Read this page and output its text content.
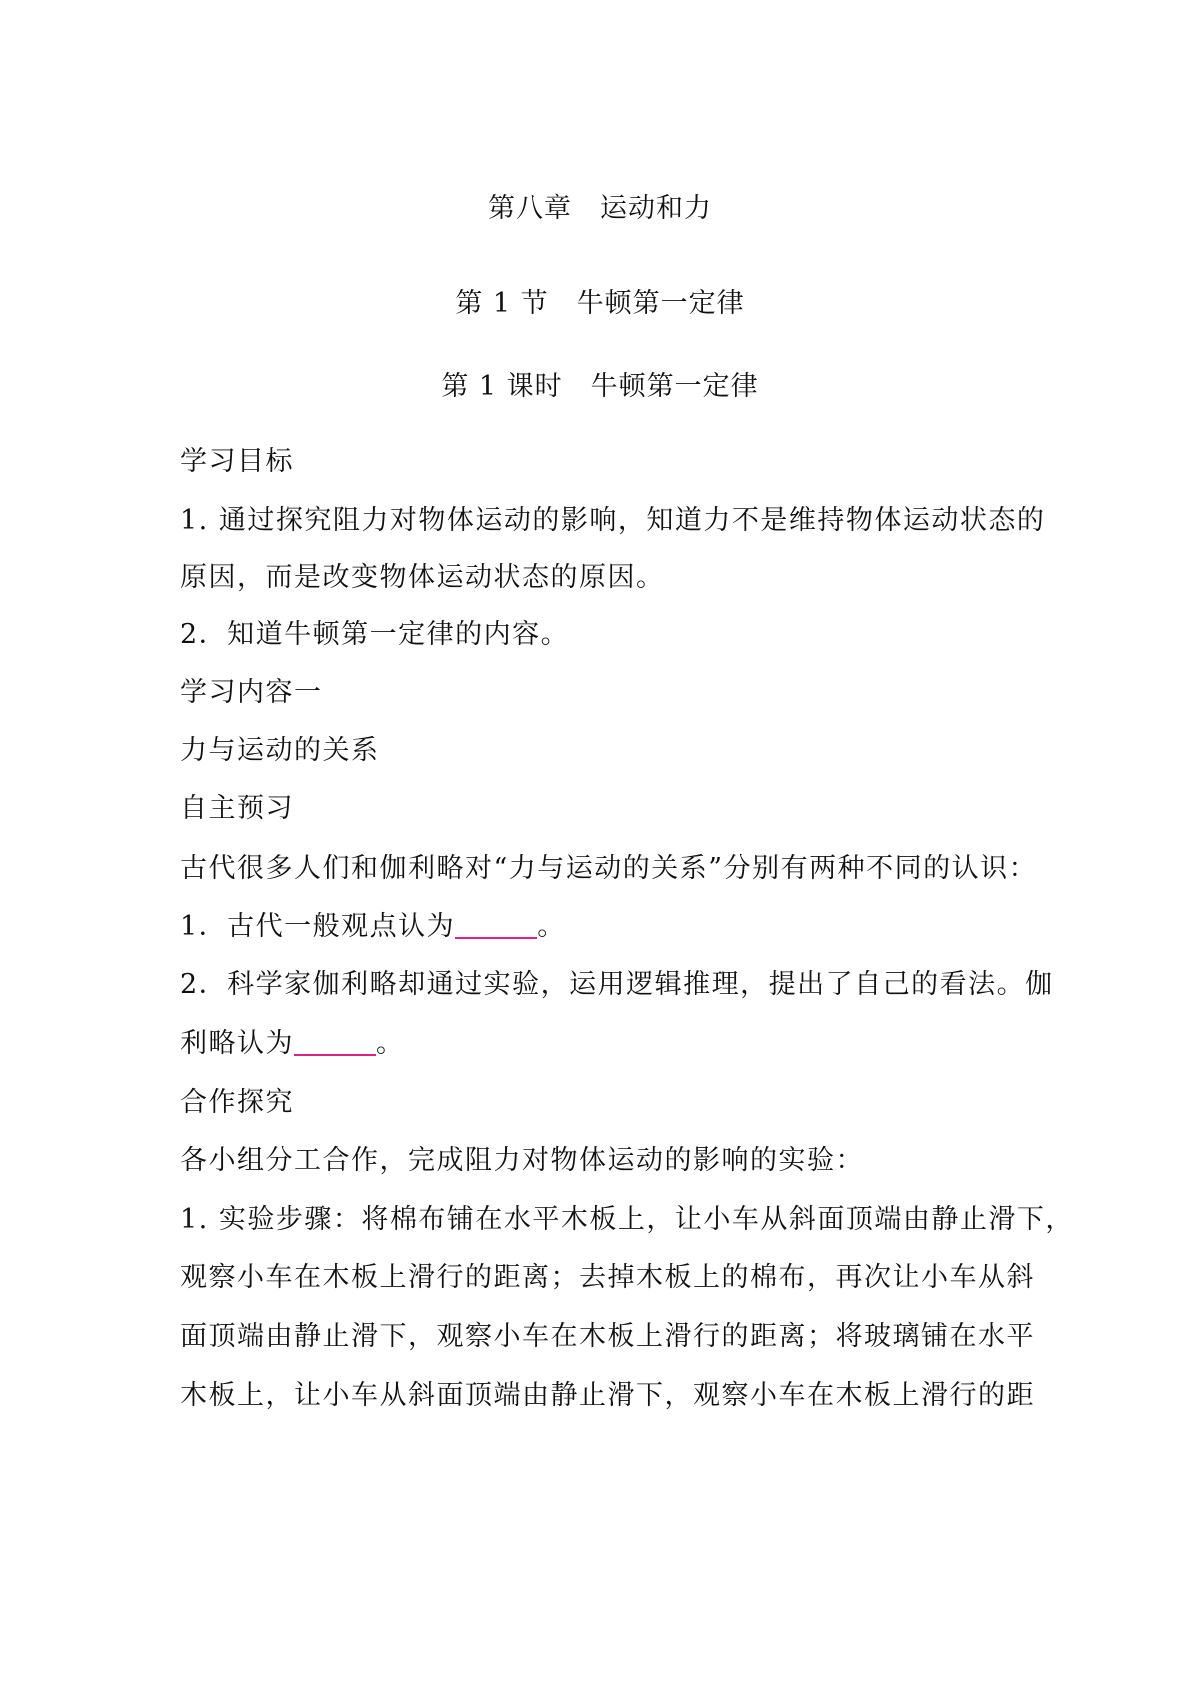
第八章　运动和力
第 1 节　牛顿第一定律
第 1 课时　牛顿第一定律
学习目标
1. 通过探究阻力对物体运动的影响，知道力不是维持物体运动状态的
原因，而是改变物体运动状态的原因。
2．知道牛顿第一定律的内容。
学习内容一
力与运动的关系
自主预习
古代很多人们和伽利略对“力与运动的关系”分别有两种不同的认识：
1．古代一般观点认为	。
2．科学家伽利略却通过实验，运用逻辑推理，提出了自己的看法。伽
利略认为	。
合作探究
各小组分工合作，完成阻力对物体运动的影响的实验：
1. 实验步骤：将棉布铺在水平木板上，让小车从斜面顶端由静止滑下，
观察小车在木板上滑行的距离；去掉木板上的棉布，再次让小车从斜
面顶端由静止滑下，观察小车在木板上滑行的距离；将玻璃铺在水平
木板上，让小车从斜面顶端由静止滑下，观察小车在木板上滑行的距
